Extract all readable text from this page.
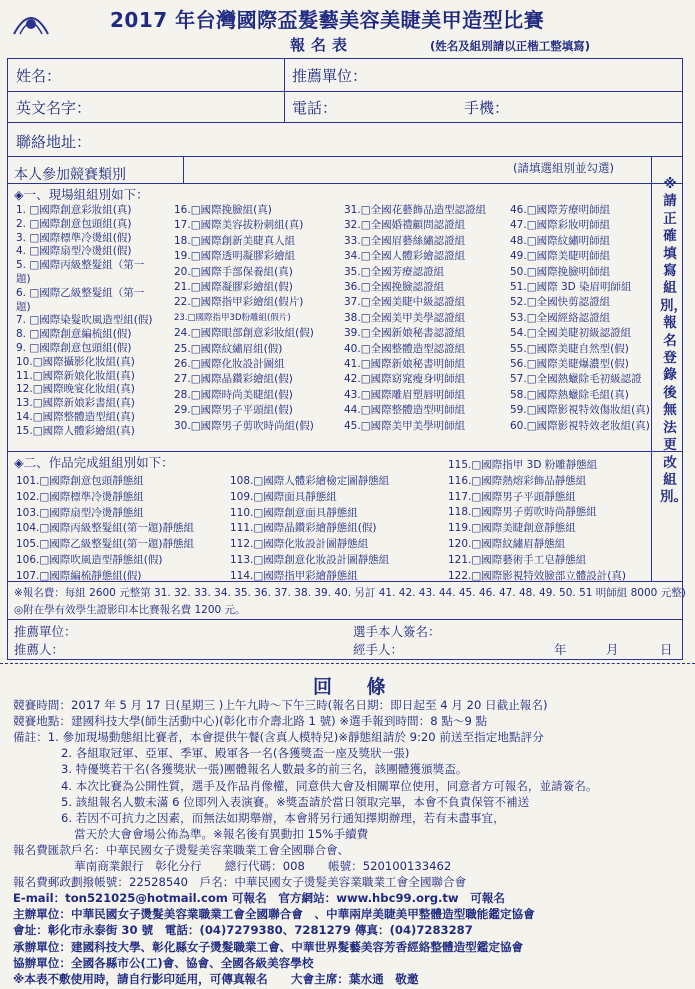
2017 年台灣國際盃髮藝美容美睫美甲造型比賽
報名表	(姓名及組別請以正楷工整填寫)
姓名：	推薦單位：
英文名字：	電話：	手機：
聯絡地址：
本人參加競賽類別	(請填選組別並勾選)
◈一、現場組組別如下：
◈二、作品完成組組別如下：
※請正確填寫組別，報名登錄後無法更改組別。
※報名費：每組 2600 元整第 31. 32. 33. 34. 35. 36. 37. 38. 39. 40. 另訂 41. 42. 43. 44. 45. 46. 47. 48. 49. 50. 51 明師組 8000 元整)
◎附在學有效學生證影印本比賽報名費 1200 元。
推薦單位：
推薦人：
選手本人簽名：
經手人：	年	月	日
1. □國際創意彩妝組(真)
2. □國際創意包頭組(真)
3. □國際標準冷燙組(假)
4. □國際扇型冷燙組(假)
5. □國際丙級整髮組（第一
題)
6. □國際乙級整髮組（第一
題)
7. □國際染髮吹風造型組(假)
8. □國際創意編梳組(假)
9. □國際創意包頭組(假)
10.□國際攝影化妝組(真)
11.□國際新娘化妝組(真)
12.□國際晚宴化妝組(真)
13.□國際新娘彩書組(真)
14.□國際整體造型組(真)
15.□國際人體彩繪組(真)
16.□國際挽臉組(真)
17.□國際美容拔粉刺組(真)
18.□國際創新美睫真人組
19.□國際透明凝膠彩繪組
20.□國際手部保養組(真)
21.□國際凝膠彩繪組(假)
22.□國際指甲彩繪組(假片)
23.□國際指甲3D粉雕組(假片)
24.□國際眼部創意彩妝組(假)
25.□國際紋繡眉組(假)
26.□國際化妝設計圖組
27.□國際晶鑽彩繪組(假)
28.□國際時尚美睫組(假)
29.□國際男子平頭組(假)
30.□國際男子剪吹時尚組(假)
31.□全國花藝飾品造型認證組
32.□全國婚禮顧問認證組
33.□全國眉藝絲繡認證組
34.□全國人體彩繪認證組
35.□全國芳療認證組
36.□全國挽臉認證組
37.□全國美睫中級認證組
38.□全國美甲美學認證組
39.□全國新娘秘書認證組
40.□全國整體造型認證組
41.□國際新娘秘書明師組
42.□國際窈窕瘦身明師組
43.□國際雕眉塑唇明師組
44.□國際整體造型明師組
45.□國際美甲美學明師組
46.□國際芳療明師組
47.□國際彩妝明師組
48.□國際紋繡明師組
49.□國際美睫明師組
50.□國際挽臉明師組
51.□國際 3D 染眉明師組
52.□全國快剪認證組
53.□全國經絡認證組
54.□全國美睫初級認證組
55.□國際美睫自然型(假)
56.□國際美睫爆濃型(假)
57.□全國熱蠟除毛初級認證
58.□國際熱蠟除毛組(真)
59.□國際影視特效傷妝組(真)
60.□國際影視特效老妝組(真)
101.□國際創意包頭靜態組
102.□國際標準冷燙靜態組
103.□國際扇型冷燙靜態組
104.□國際丙級整髮組(第一題)靜態組
105.□國際乙級整髮組(第一題)靜態組
106.□國際吹風造型靜態組(假)
107.□國際編梳靜態組(假)
108.□國際人體彩繪檢定圖靜態組
109.□國際面具靜態組
110.□國際創意面具靜態組
111.□國際晶鑽彩繪靜態組(假)
112.□國際化妝設計圖靜態組
113.□國際創意化妝設計圖靜態組
114.□國際指甲彩繪靜態組
115.□國際指甲 3D 粉雕靜態組
116.□國際熱熔彩飾品靜態組
117.□國際男子平頭靜態組
118.□國際男子剪吹時尚靜態組
119.□國際美睫創意靜態組
120.□國際紋繡眉靜態組
121.□國際藝術手工皂靜態組
122.□國際影視特效臉部立體設計(真)
回 條
競賽時間：2017 年 5 月 17 日(星期三 )上午九時～下午三時(報名日期：即日起至 4 月 20 日截止報名)
競賽地點：建國科技大學(師生活動中心)(彰化市介壽北路 1 號) ※選手報到時間：8 點～9 點
備註：1. 參加現場動態組比賽者，本會提供午餐(含真人模特兒)※靜態組請於 9:20 前送至指定地點評分
2. 各組取冠軍、亞軍、季軍、殿軍各一名(各獲獎盃一座及獎狀一張)
3. 特優獎若干名(各獲獎狀一張)團體報名人數最多的前三名，該團體獲頒獎盃。
4. 本次比賽為公開性質，選手及作品肖像權，同意供大會及相關單位使用，同意者方可報名，並請簽名。
5. 該組報名人數未滿 6 位即列入表演賽。※獎盃請於當日領取完畢，本會不負責保管不補送
6. 若因不可抗力之因素，而無法如期舉辦，本會將另行通知擇期辦理，若有未盡事宜，
當天於大會會場公佈為準。※報名後有異動扣 15%手續費
報名費匯款戶名：中華民國女子燙髮美容業職業工會全國聯合會、
華南商業銀行　彰化分行　　總行代碼：008　　帳號：520100133462
報名費郵政劃撥帳號：22528540　戶名：中華民國女子燙髮美容業職業工會全國聯合會
E-mail：ton521025@hotmail.com 可報名　官方網站：www.hbc99.org.tw　可報名
主辦單位：中華民國女子燙髮美容業職業工會全國聯合會　、中華兩岸美睫美甲整體造型職能鑑定協會
會址：彰化市永泰街 30 號　電話：(04)7279380、7281279 傳真：(04)7283287
承辦單位：建國科技大學、彰化縣女子燙髮職業工會、中華世界髮藝美容芳香經絡整體造型鑑定協會
協辦單位：全國各縣市公(工)會、協會、全國各級美容學校
※本表不敷使用時，請自行影印延用，可傳真報名　　大會主席：葉水通　敬邀
